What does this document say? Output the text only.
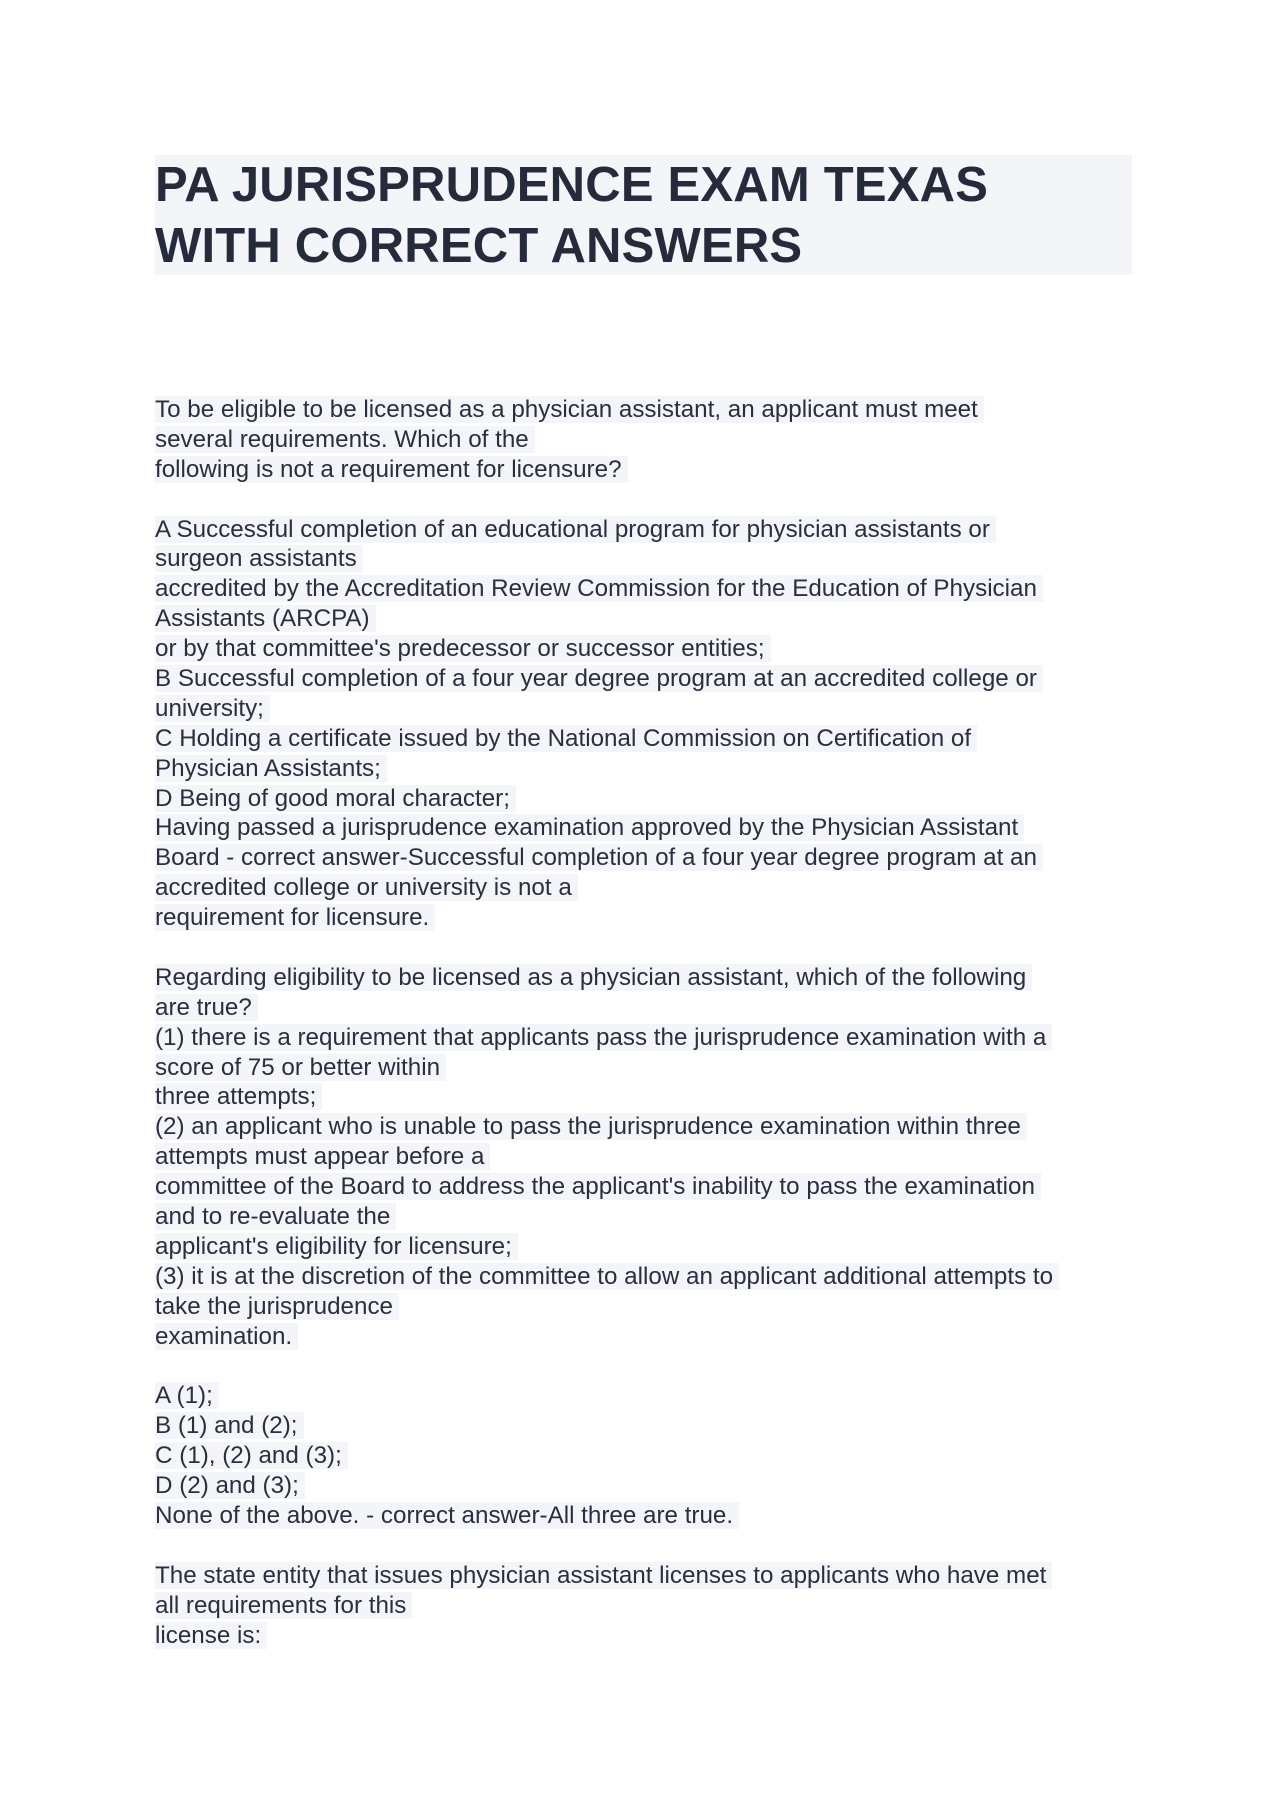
PA JURISPRUDENCE EXAM TEXAS
WITH CORRECT ANSWERS
To be eligible to be licensed as a physician assistant, an applicant must meet
several requirements. Which of the
following is not a requirement for licensure?
A Successful completion of an educational program for physician assistants or
surgeon assistants
accredited by the Accreditation Review Commission for the Education of Physician
Assistants (ARCPA)
or by that committee's predecessor or successor entities;
B Successful completion of a four year degree program at an accredited college or
university;
C Holding a certificate issued by the National Commission on Certification of
Physician Assistants;
D Being of good moral character;
Having passed a jurisprudence examination approved by the Physician Assistant
Board - correct answer-Successful completion of a four year degree program at an
accredited college or university is not a
requirement for licensure.
Regarding eligibility to be licensed as a physician assistant, which of the following
are true?
(1) there is a requirement that applicants pass the jurisprudence examination with a
score of 75 or better within
three attempts;
(2) an applicant who is unable to pass the jurisprudence examination within three
attempts must appear before a
committee of the Board to address the applicant's inability to pass the examination
and to re-evaluate the
applicant's eligibility for licensure;
(3) it is at the discretion of the committee to allow an applicant additional attempts to
take the jurisprudence
examination.
A (1);
B (1) and (2);
C (1), (2) and (3);
D (2) and (3);
None of the above. - correct answer-All three are true.
The state entity that issues physician assistant licenses to applicants who have met
all requirements for this
license is:
